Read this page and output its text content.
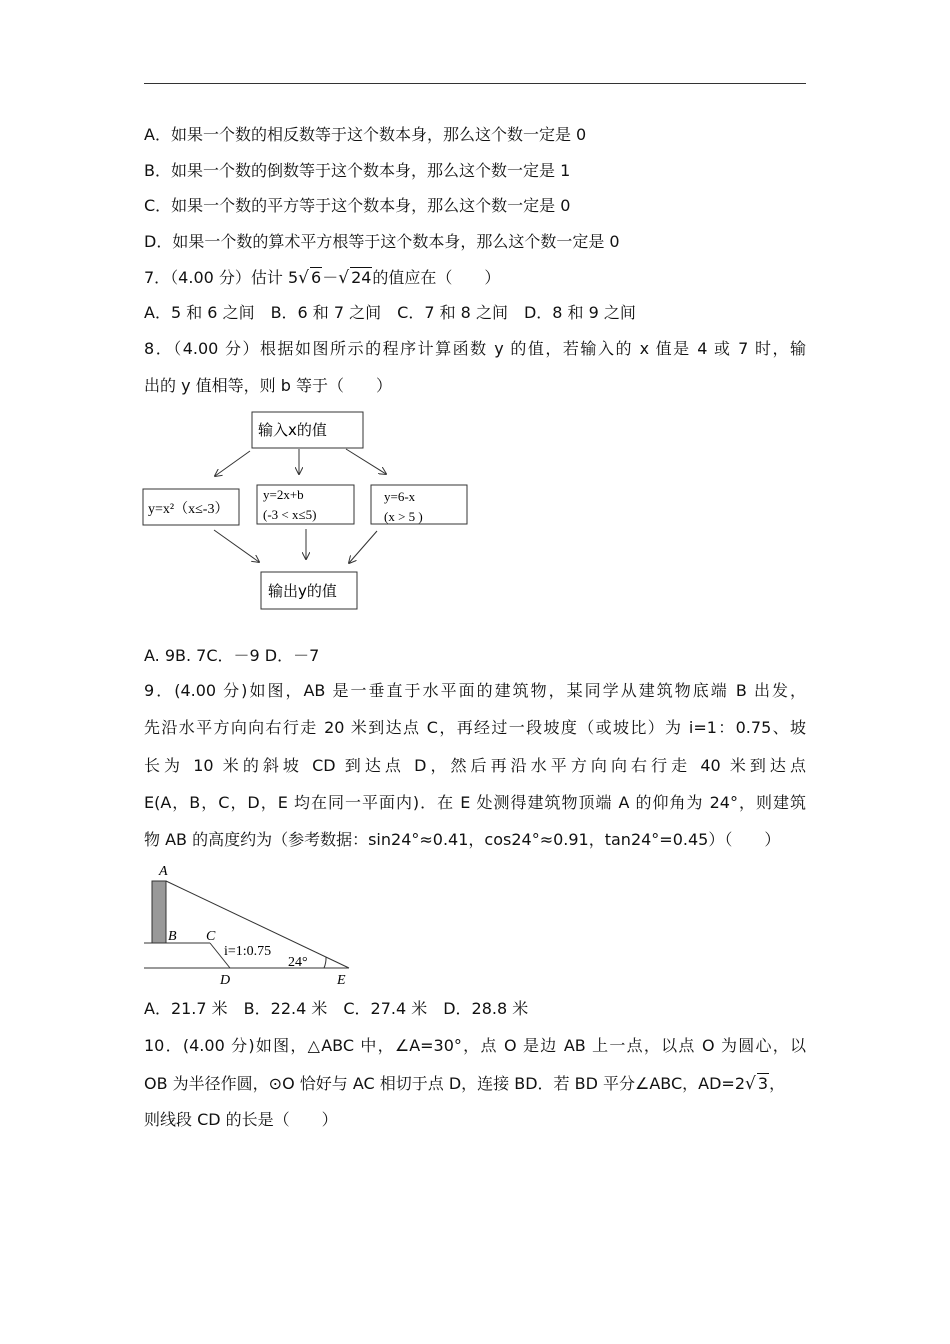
A．如果一个数的相反数等于这个数本身，那么这个数一定是 0
B．如果一个数的倒数等于这个数本身，那么这个数一定是 1
C．如果一个数的平方等于这个数本身，那么这个数一定是 0
D．如果一个数的算术平方根等于这个数本身，那么这个数一定是 0
7．（4.00 分）估计 5√ 6－√ 24的值应在（　　）
A．5 和 6 之间　B．6 和 7 之间　C．7 和 8 之间　D．8 和 9 之间
8．（4.00 分）根据如图所示的程序计算函数 y 的值，若输入的 x 值是 4 或 7 时，输
出的 y 值相等，则 b 等于（　　）
输入x的值
y=x²（x≤-3）
y=2x+b
(-3 < x≤5)
y=6-x
(x > 5 )
输出y的值
A. 9B. 7C．－9 D．－7
9．(4.00 分)如图，AB 是一垂直于水平面的建筑物，某同学从建筑物底端 B 出发，
先沿水平方向向右行走 20 米到达点 C，再经过一段坡度（或坡比）为 i=1：0.75、坡
长为 10 米的斜坡 CD 到达点 D，然后再沿水平方向向右行走 40 米到达点
E(A，B，C，D，E 均在同一平面内)．在 E 处测得建筑物顶端 A 的仰角为 24°，则建筑
物 AB 的高度约为（参考数据：sin24°≈0.41，cos24°≈0.91，tan24°=0.45）（　　）
A
B C
D	E
i=1:0.75
24°
A．21.7 米　B．22.4 米　C．27.4 米　D．28.8 米
10．(4.00 分)如图，△ABC 中，∠A=30°，点 O 是边 AB 上一点，以点 O 为圆心，以
OB 为半径作圆，⊙O 恰好与 AC 相切于点 D，连接 BD．若 BD 平分∠ABC，AD=2√ 3，
则线段 CD 的长是（　　）
